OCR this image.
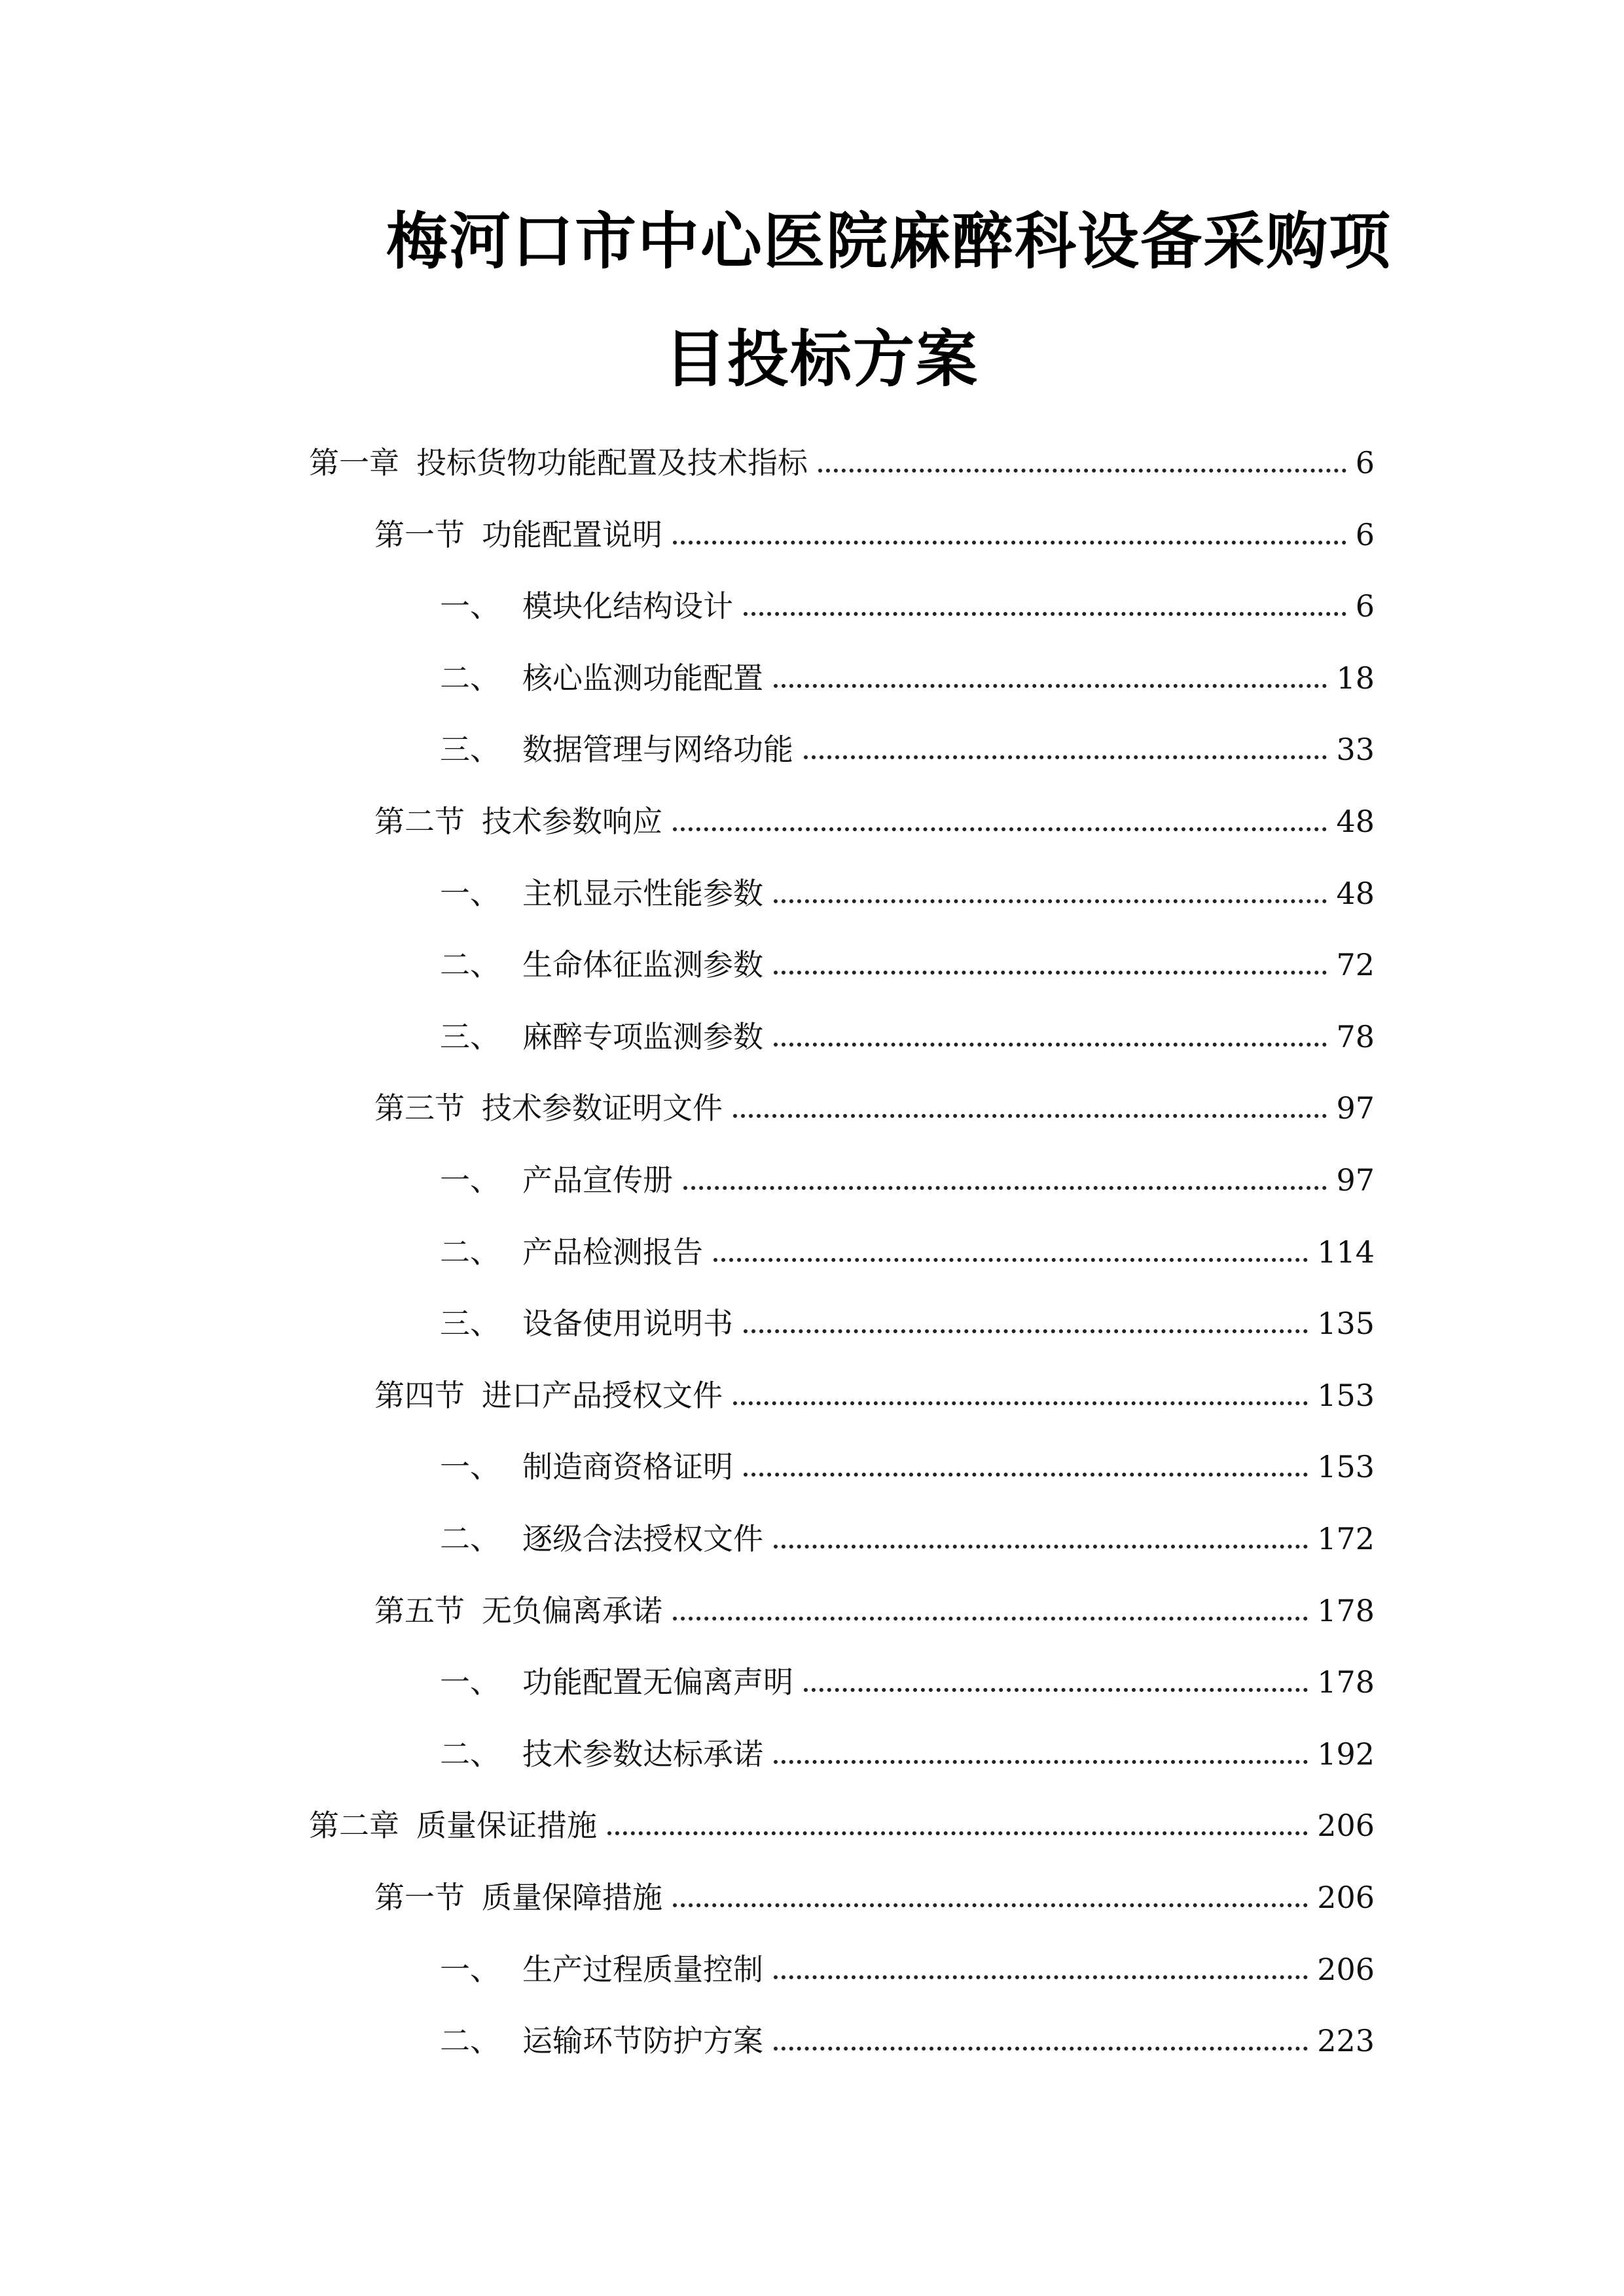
梅河口市中心医院麻醉科设备采购项
目投标方案
第一章 投标货物功能配置及技术指标	6
第一节 功能配置说明	6
一、 模块化结构设计	6
二、 核心监测功能配置	18
三、 数据管理与网络功能	33
第二节 技术参数响应	48
一、 主机显示性能参数	48
二、 生命体征监测参数	72
三、 麻醉专项监测参数	78
第三节 技术参数证明文件	97
一、 产品宣传册	97
二、 产品检测报告	114
三、 设备使用说明书	135
第四节 进口产品授权文件	153
一、 制造商资格证明	153
二、 逐级合法授权文件	172
第五节 无负偏离承诺	178
一、 功能配置无偏离声明	178
二、 技术参数达标承诺	192
第二章 质量保证措施	206
第一节 质量保障措施	206
一、 生产过程质量控制	206
二、 运输环节防护方案	223
